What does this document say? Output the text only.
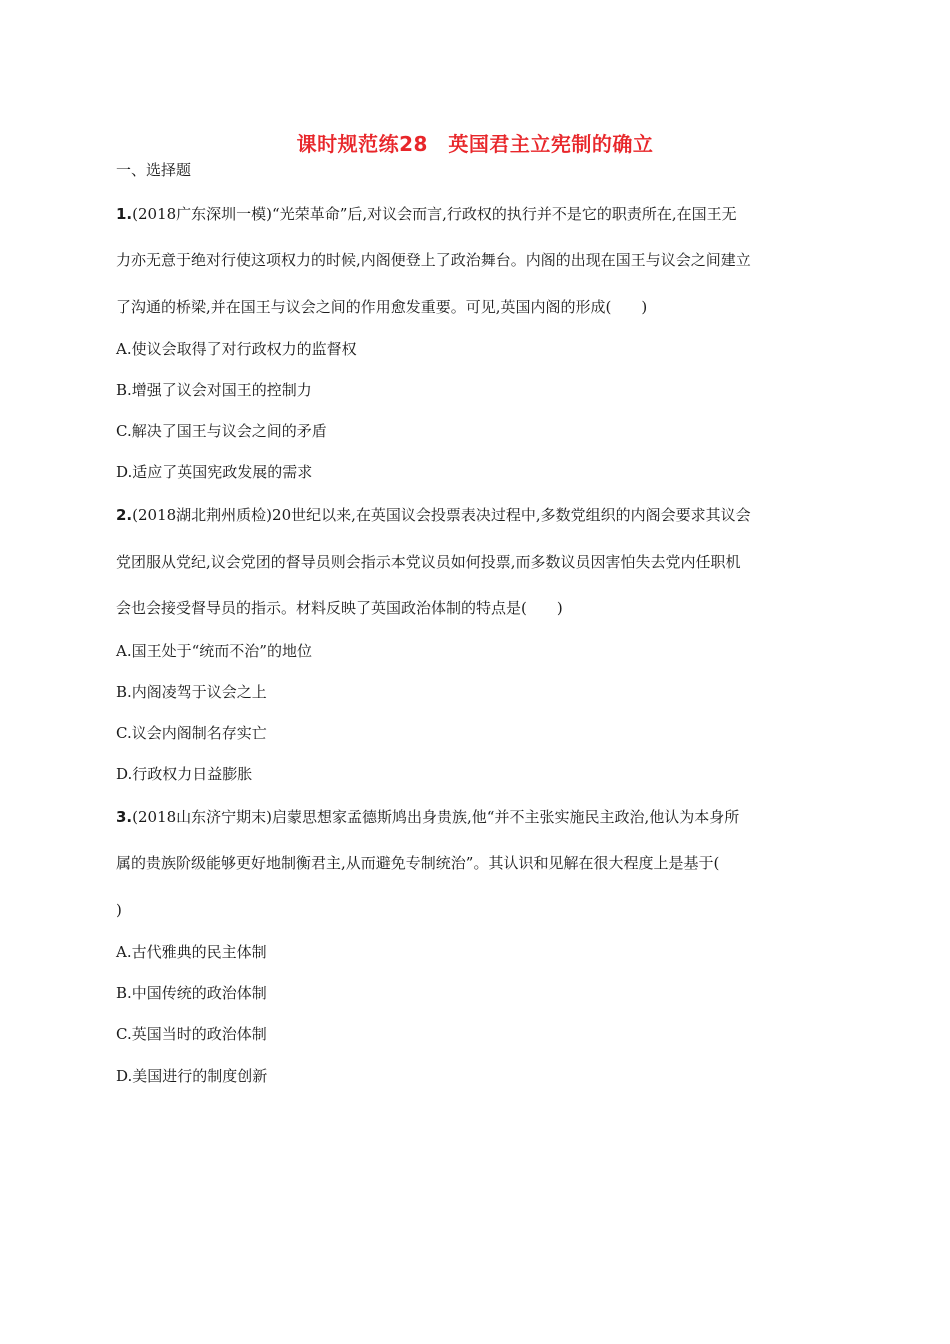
课时规范练28　英国君主立宪制的确立
一、选择题
1.(2018广东深圳一模)“光荣革命”后,对议会而言,行政权的执行并不是它的职责所在,在国王无
力亦无意于绝对行使这项权力的时候,内阁便登上了政治舞台。内阁的出现在国王与议会之间建立
了沟通的桥梁,并在国王与议会之间的作用愈发重要。可见,英国内阁的形成(　　)
A.使议会取得了对行政权力的监督权
B.增强了议会对国王的控制力
C.解决了国王与议会之间的矛盾
D.适应了英国宪政发展的需求
2.(2018湖北荆州质检)20世纪以来,在英国议会投票表决过程中,多数党组织的内阁会要求其议会
党团服从党纪,议会党团的督导员则会指示本党议员如何投票,而多数议员因害怕失去党内任职机
会也会接受督导员的指示。材料反映了英国政治体制的特点是(　　)
A.国王处于“统而不治”的地位
B.内阁凌驾于议会之上
C.议会内阁制名存实亡
D.行政权力日益膨胀
3.(2018山东济宁期末)启蒙思想家孟德斯鸠出身贵族,他“并不主张实施民主政治,他认为本身所
属的贵族阶级能够更好地制衡君主,从而避免专制统治”。其认识和见解在很大程度上是基于(
)
A.古代雅典的民主体制
B.中国传统的政治体制
C.英国当时的政治体制
D.美国进行的制度创新
